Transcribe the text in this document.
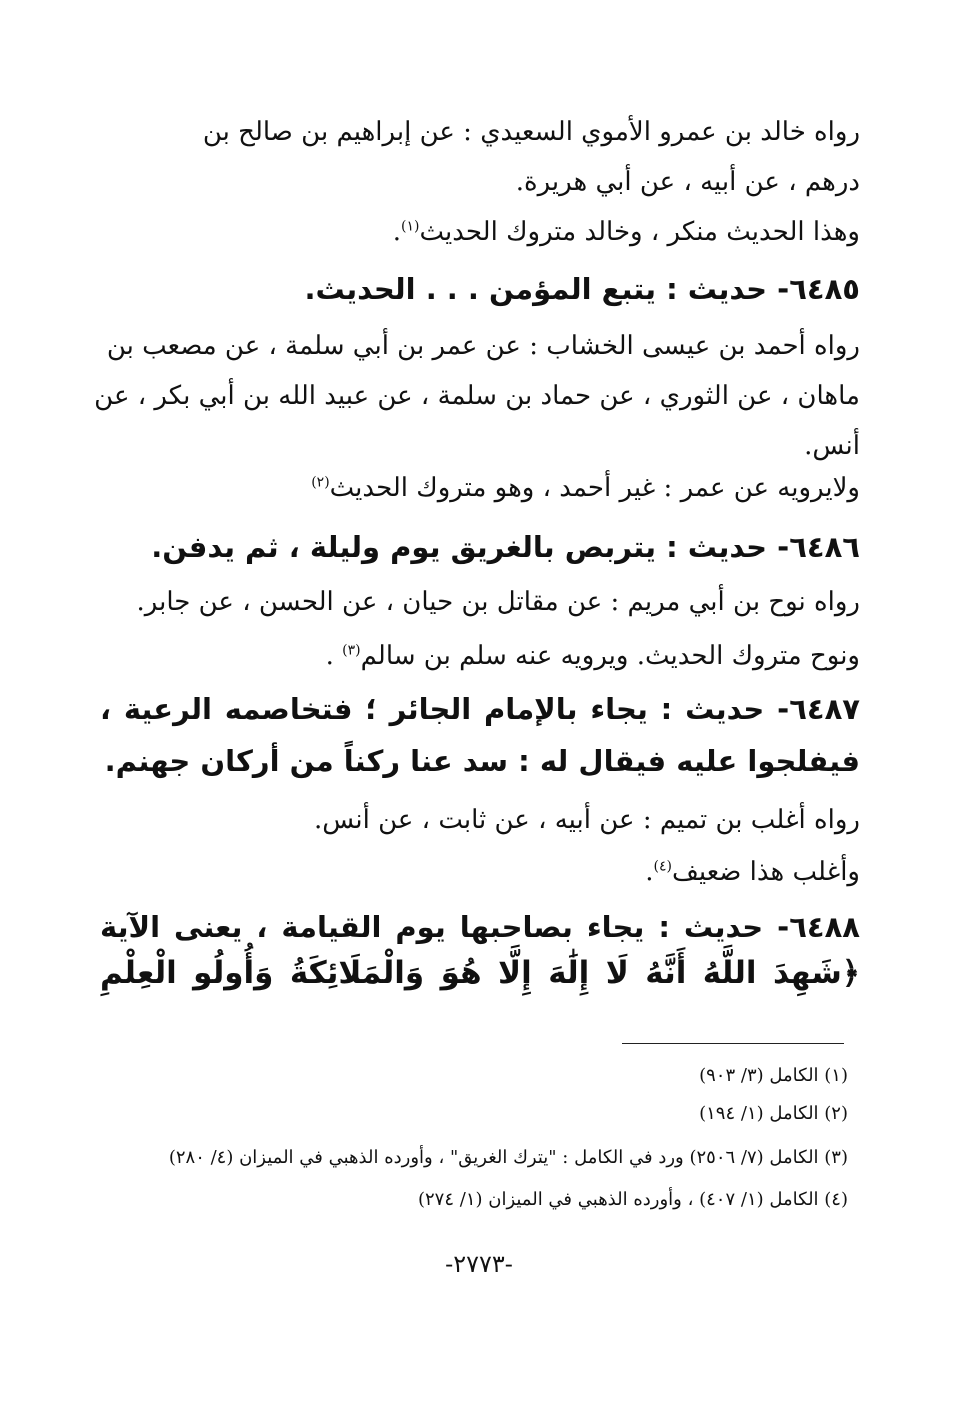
رواه خالد بن عمرو الأموي السعيدي : عن إبراهيم بن صالح بن
درهم ، عن أبيه ، عن أبي هريرة.
وهذا الحديث منكر ، وخالد متروك الحديث$^{(١)}$.
٦٤٨٥- حديث : يتبع المؤمن . . . الحديث.
رواه أحمد بن عيسى الخشاب : عن عمر بن أبي سلمة ، عن مصعب بن
ماهان ، عن الثوري ، عن حماد بن سلمة ، عن عبيد الله بن أبي بكر ، عن
أنس.
ولايرويه عن عمر : غير أحمد ، وهو متروك الحديث$^{(٢)}$
٦٤٨٦- حديث : يتربص بالغريق يوم وليلة ، ثم يدفن.
رواه نوح بن أبي مريم : عن مقاتل بن حيان ، عن الحسن ، عن جابر.
ونوح متروك الحديث. ويرويه عنه سلم بن سالم$^{(٣)}$ .
٦٤٨٧- حديث : يجاء بالإمام الجائر ؛ فتخاصمه الرعية ،
فيفلجوا عليه فيقال له : سد عنا ركناً من أركان جهنم.
رواه أغلب بن تميم : عن أبيه ، عن ثابت ، عن أنس.
وأغلب هذا ضعيف$^{(٤)}$.
٦٤٨٨- حديث : يجاء بصاحبها يوم القيامة ، يعنى الآية
﴿شَهِدَ اللَّهُ أَنَّهُ لَا إِلَٰهَ إِلَّا هُوَ وَالْمَلَائِكَةُ وَأُولُو الْعِلْمِ
(١) الكامل (٣/ ٩٠٣)
(٢) الكامل (١/ ١٩٤)
(٣) الكامل (٧/ ٢٥٠٦) ورد في الكامل : "يترك الغريق" ، وأورده الذهبي في الميزان (٤/ ٢٨٠)
(٤) الكامل (١/ ٤٠٧) ، وأورده الذهبي في الميزان (١/ ٢٧٤)
-٢٧٧٣-
